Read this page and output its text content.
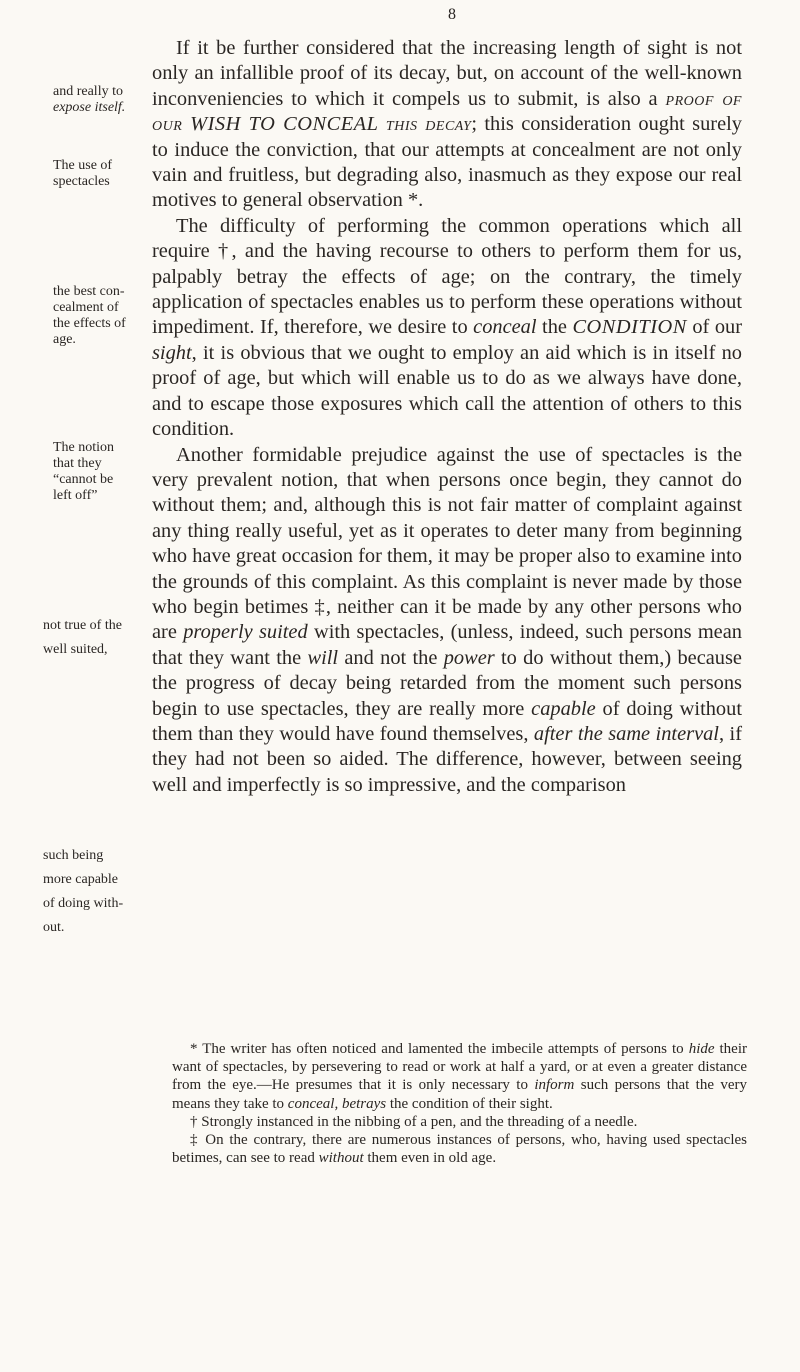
8
and really to
expose itself.
The use of
spectacles
the best con-
cealment of
the effects of
age.
The notion
that they
“cannot be
left off”
not true of the
well suited,
such being
more capable
of doing with-
out.

If it be further considered that the increasing length of sight is not only an infallible proof of its decay, but, on account of the well-known inconveniencies to which it compels us to submit, is also a proof of our WISH TO CONCEAL this decay; this consideration ought surely to induce the conviction, that our attempts at concealment are not only vain and fruitless, but degrading also, inasmuch as they expose our real motives to general observation *.

The difficulty of performing the common operations which all require †, and the having recourse to others to perform them for us, palpably betray the effects of age; on the contrary, the timely application of spectacles enables us to perform these operations without impediment. If, therefore, we desire to conceal the CONDITION of our sight, it is obvious that we ought to employ an aid which is in itself no proof of age, but which will enable us to do as we always have done, and to escape those exposures which call the attention of others to this condition.

Another formidable prejudice against the use of spectacles is the very prevalent notion, that when persons once begin, they cannot do without them; and, although this is not fair matter of complaint against any thing really useful, yet as it operates to deter many from beginning who have great occasion for them, it may be proper also to examine into the grounds of this complaint. As this complaint is never made by those who begin betimes ‡, neither can it be made by any other persons who are properly suited with spectacles, (unless, indeed, such persons mean that they want the will and not the power to do without them,) because the progress of decay being retarded from the moment such persons begin to use spectacles, they are really more capable of doing without them than they would have found themselves, after the same interval, if they had not been so aided. The difference, however, between seeing well and imperfectly is so impressive, and the comparison

* The writer has often noticed and lamented the imbecile attempts of persons to hide their want of spectacles, by persevering to read or work at half a yard, or at even a greater distance from the eye.—He presumes that it is only necessary to inform such persons that the very means they take to conceal, betrays the condition of their sight.

† Strongly instanced in the nibbing of a pen, and the threading of a needle.

‡ On the contrary, there are numerous instances of persons, who, having used spectacles betimes, can see to read without them even in old age.
